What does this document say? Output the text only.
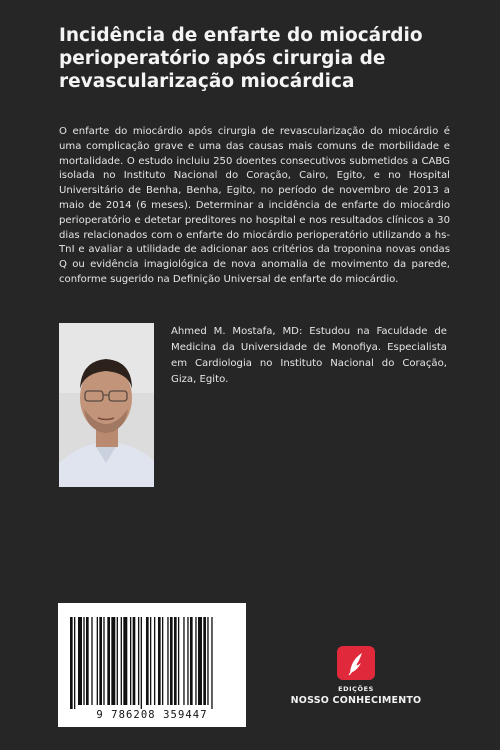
Incidência de enfarte do miocárdio perioperatório após cirurgia de revascularização miocárdica

O enfarte do miocárdio após cirurgia de revascularização do miocárdio é uma complicação grave e uma das causas mais comuns de morbilidade e mortalidade. O estudo incluiu 250 doentes consecutivos submetidos a CABG isolada no Instituto Nacional do Coração, Cairo, Egito, e no Hospital Universitário de Benha, Benha, Egito, no período de novembro de 2013 a maio de 2014 (6 meses). Determinar a incidência de enfarte do miocárdio perioperatório e detetar preditores no hospital e nos resultados clínicos a 30 dias relacionados com o enfarte do miocárdio perioperatório utilizando a hs-TnI e avaliar a utilidade de adicionar aos critérios da troponina novas ondas Q ou evidência imagiológica de nova anomalia de movimento da parede, conforme sugerido na Definição Universal de enfarte do miocárdio.

Ahmed M. Mostafa, MD: Estudou na Faculdade de Medicina da Universidade de Monofiya. Especialista em Cardiologia no Instituto Nacional do Coração, Giza, Egito.

9 786208 359447
EDIÇÕES
NOSSO CONHECIMENTO
